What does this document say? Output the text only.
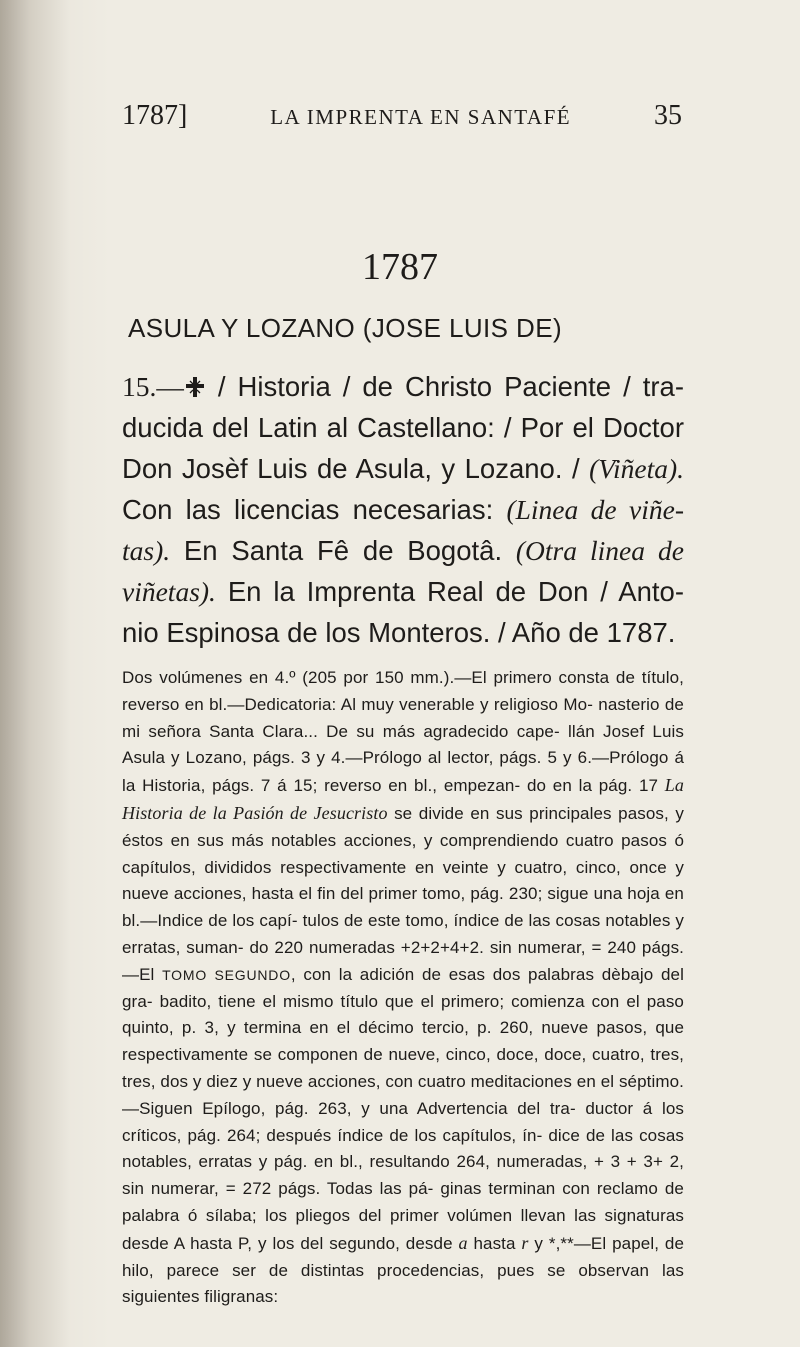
1787]	LA IMPRENTA EN SANTAFÉ	35
1787
ASULA Y LOZANO (JOSE LUIS DE)
15.— / Historia / de Christo Paciente / tra- ducida del Latin al Castellano: / Por el Doctor Don Josèf Luis de Asula, y Lozano. / (Viñeta). Con las licencias necesarias: (Linea de viñe- tas). En Santa Fê de Bogotâ. (Otra linea de viñetas). En la Imprenta Real de Don / Anto- nio Espinosa de los Monteros. / Año de 1787.
Dos volúmenes en 4.º (205 por 150 mm.).—El primero consta de título, reverso en bl.—Dedicatoria: Al muy venerable y religioso Mo- nasterio de mi señora Santa Clara... De su más agradecido cape- llán Josef Luis Asula y Lozano, págs. 3 y 4.—Prólogo al lector, págs. 5 y 6.—Prólogo á la Historia, págs. 7 á 15; reverso en bl., empezan- do en la pág. 17 La Historia de la Pasión de Jesucristo se divide en sus principales pasos, y éstos en sus más notables acciones, y comprendiendo cuatro pasos ó capítulos, divididos respectivamente en veinte y cuatro, cinco, once y nueve acciones, hasta el fin del primer tomo, pág. 230; sigue una hoja en bl.—Indice de los capí- tulos de este tomo, índice de las cosas notables y erratas, suman- do 220 numeradas +2+2+4+2. sin numerar, = 240 págs.—El TOMO SEGUNDO, con la adición de esas dos palabras dèbajo del gra- badito, tiene el mismo título que el primero; comienza con el paso quinto, p. 3, y termina en el décimo tercio, p. 260, nueve pasos, que respectivamente se componen de nueve, cinco, doce, doce, cuatro, tres, tres, dos y diez y nueve acciones, con cuatro meditaciones en el séptimo.—Siguen Epílogo, pág. 263, y una Advertencia del tra- ductor á los críticos, pág. 264; después índice de los capítulos, ín- dice de las cosas notables, erratas y pág. en bl., resultando 264, numeradas, + 3 + 3+ 2, sin numerar, = 272 págs. Todas las pá- ginas terminan con reclamo de palabra ó sílaba; los pliegos del primer volúmen llevan las signaturas desde A hasta P, y los del segundo, desde a hasta r y *,**—El papel, de hilo, parece ser de distintas procedencias, pues se observan las siguientes filigranas:
